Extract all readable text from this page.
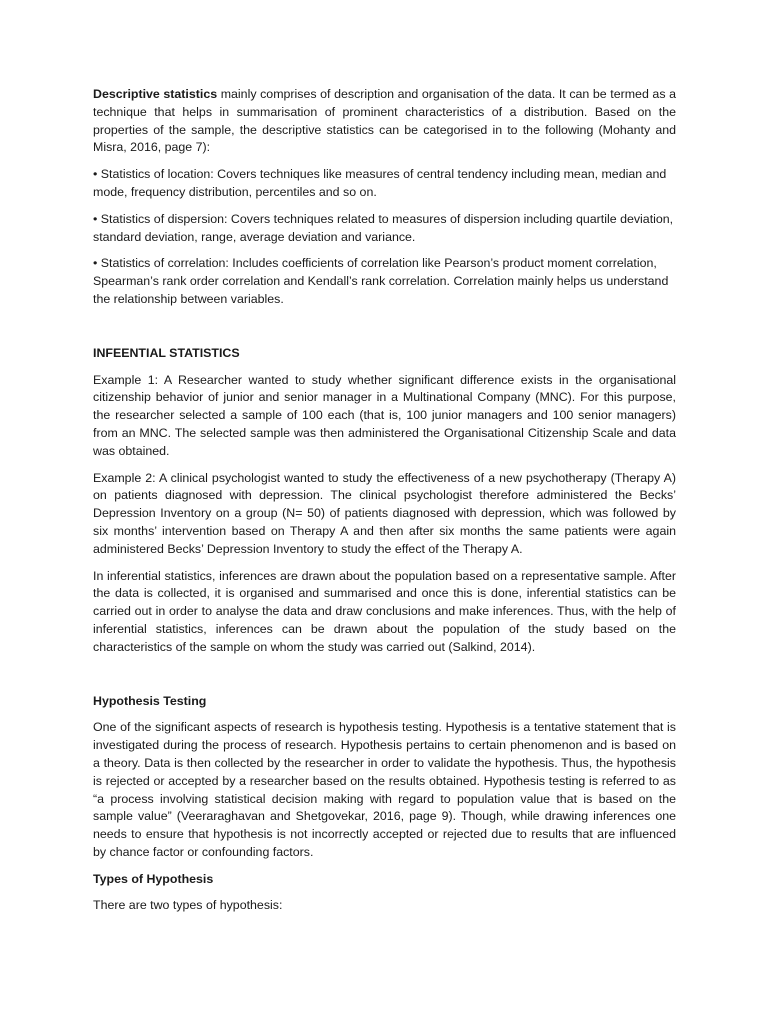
Descriptive statistics mainly comprises of description and organisation of the data. It can be termed as a technique that helps in summarisation of prominent characteristics of a distribution. Based on the properties of the sample, the descriptive statistics can be categorised in to the following (Mohanty and Misra, 2016, page 7):

• Statistics of location: Covers techniques like measures of central tendency including mean, median and mode, frequency distribution, percentiles and so on.

• Statistics of dispersion: Covers techniques related to measures of dispersion including quartile deviation, standard deviation, range, average deviation and variance.

• Statistics of correlation: Includes coefficients of correlation like Pearson’s product moment correlation, Spearman’s rank order correlation and Kendall’s rank correlation. Correlation mainly helps us understand the relationship between variables.

INFEENTIAL STATISTICS

Example 1: A Researcher wanted to study whether significant difference exists in the organisational citizenship behavior of junior and senior manager in a Multinational Company (MNC). For this purpose, the researcher selected a sample of 100 each (that is, 100 junior managers and 100 senior managers) from an MNC. The selected sample was then administered the Organisational Citizenship Scale and data was obtained.

Example 2: A clinical psychologist wanted to study the effectiveness of a new psychotherapy (Therapy A) on patients diagnosed with depression. The clinical psychologist therefore administered the Becks’ Depression Inventory on a group (N= 50) of patients diagnosed with depression, which was followed by six months’ intervention based on Therapy A and then after six months the same patients were again administered Becks’ Depression Inventory to study the effect of the Therapy A.

In inferential statistics, inferences are drawn about the population based on a representative sample. After the data is collected, it is organised and summarised and once this is done, inferential statistics can be carried out in order to analyse the data and draw conclusions and make inferences. Thus, with the help of inferential statistics, inferences can be drawn about the population of the study based on the characteristics of the sample on whom the study was carried out (Salkind, 2014).

Hypothesis Testing

One of the significant aspects of research is hypothesis testing. Hypothesis is a tentative statement that is investigated during the process of research. Hypothesis pertains to certain phenomenon and is based on a theory. Data is then collected by the researcher in order to validate the hypothesis. Thus, the hypothesis is rejected or accepted by a researcher based on the results obtained. Hypothesis testing is referred to as “a process involving statistical decision making with regard to population value that is based on the sample value” (Veeraraghavan and Shetgovekar, 2016, page 9). Though, while drawing inferences one needs to ensure that hypothesis is not incorrectly accepted or rejected due to results that are influenced by chance factor or confounding factors.

Types of Hypothesis

There are two types of hypothesis:
